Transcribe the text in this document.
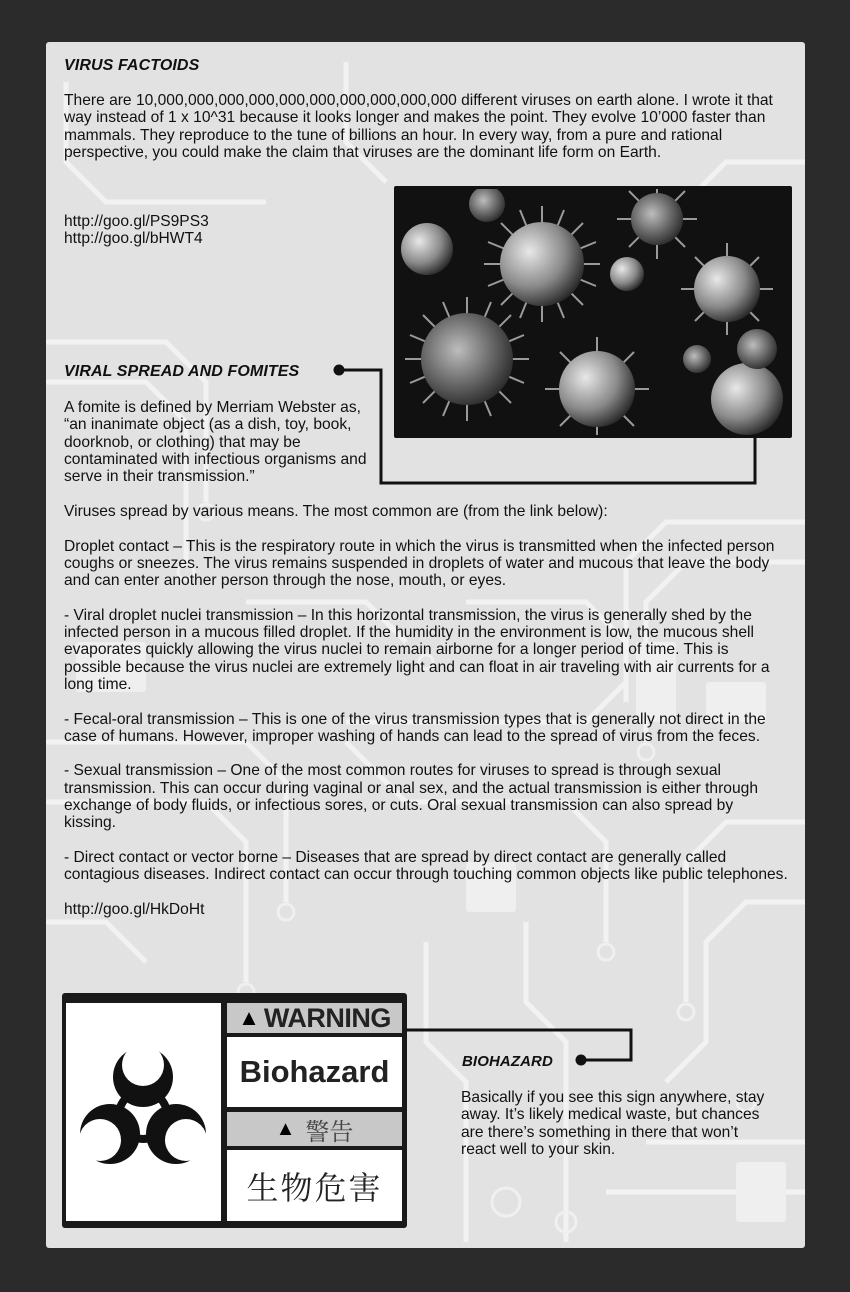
VIRUS FACTOIDS

There are 10,000,000,000,000,000,000,000,000,000,000 different viruses on earth alone. I wrote it that way instead of 1 x 10^31 because it looks longer and makes the point. They evolve 10’000 faster than mammals. They reproduce to the tune of billions an hour. In every way, from a pure and rational perspective, you could make the claim that viruses are the dominant life form on Earth.

http://goo.gl/PS9PS3
http://goo.gl/bHWT4
VIRAL SPREAD AND FOMITES

A fomite is defined by Merriam Webster as, “an inanimate object (as a dish, toy, book, doorknob, or clothing) that may be contaminated with infectious organisms and serve in their transmission.”

Viruses spread by various means. The most common are (from the link below):

Droplet contact – This is the respiratory route in which the virus is transmitted when the infected person coughs or sneezes. The virus remains suspended in droplets of water and mucous that leave the body and can enter another person through the nose, mouth, or eyes.

- Viral droplet nuclei transmission – In this horizontal transmission, the virus is generally shed by the infected person in a mucous filled droplet. If the humidity in the environment is low, the mucous shell evaporates quickly allowing the virus nuclei to remain airborne for a longer period of time. This is possible because the virus nuclei are extremely light and can float in air traveling with air currents for a long time.

- Fecal-oral transmission – This is one of the virus transmission types that is generally not direct in the case of humans. However, improper washing of hands can lead to the spread of virus from the feces.

- Sexual transmission – One of the most common routes for viruses to spread is through sexual transmission. This can occur during vaginal or anal sex, and the actual transmission is either through exchange of body fluids, or infectious sores, or cuts. Oral sexual transmission can also spread by kissing.

- Direct contact or vector borne – Diseases that are spread by direct contact are generally called contagious diseases. Indirect contact can occur through touching common objects like public telephones.

http://goo.gl/HkDoHt

▲ WARNING
Biohazard
▲ 警告
生物危害
BIOHAZARD

Basically if you see this sign anywhere, stay away. It’s likely medical waste, but chances are there’s something in there that won’t react well to your skin.
